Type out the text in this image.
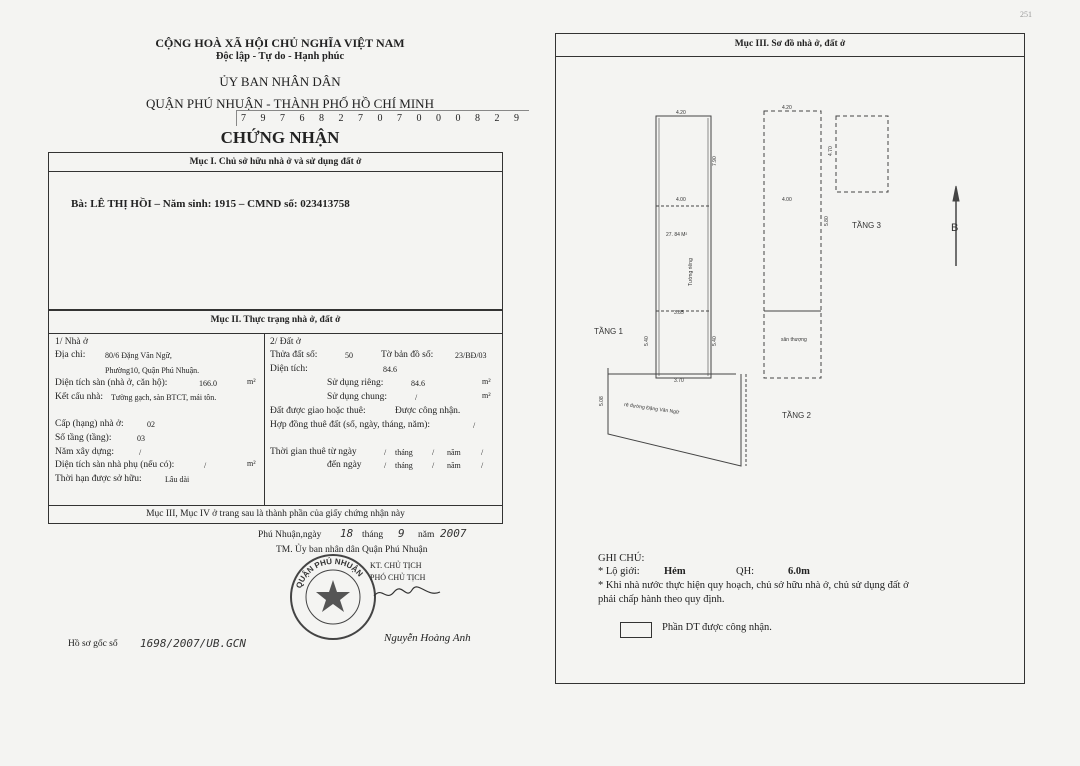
251
CỘNG HOÀ XÃ HỘI CHỦ NGHĨA VIỆT NAM
Độc lập - Tự do - Hạnh phúc
ỦY BAN NHÂN DÂN
QUẬN PHÚ NHUẬN - THÀNH PHỐ HỒ CHÍ MINH
7 9 7 6 8 2 7 0 7 0 0 0 8 2 9
CHỨNG NHẬN
Mục I. Chủ sở hữu nhà ở và sử dụng đất ở
Bà: LÊ THỊ HỒI – Năm sinh: 1915 – CMND số: 023413758
Mục II. Thực trạng nhà ở, đất ở
Mục III, Mục IV ở trang sau là thành phần của giấy chứng nhận này
1/ Nhà ở
Địa chỉ: 80/6 Đặng Văn Ngữ,
Phường10, Quận Phú Nhuận.
Diện tích sàn (nhà ở, căn hộ):	166.0	m²
Kết cấu nhà: Tường gạch, sàn BTCT, mái tôn.
Cấp (hạng) nhà ở:	02
Số tầng (tầng):	03
Năm xây dựng:	/
Diện tích sàn nhà phụ (nếu có):	/	m²
Thời hạn được sở hữu:	Lâu dài
2/ Đất ở
Thửa đất số:	50	Tờ bản đồ số:	23/BĐ/03
Diện tích:	84.6
Sử dụng riêng:	84.6	m²
Sử dụng chung:	/	m²
Đất được giao hoặc thuê:	Được công nhận.
Hợp đồng thuê đất (số, ngày, tháng, năm):	/
Thời gian thuê từ ngày	/ tháng / năm	/
đến ngày	/ tháng / năm	/
Phú Nhuận,ngày 18 tháng 9 năm 2007
TM. Ủy ban nhân dân Quận Phú Nhuận
QUẬN PHÚ NHUẬN
KT. CHỦ TỊCH
PHÓ CHỦ TỊCH
Nguyễn Hoàng Anh
Hồ sơ gốc số 1698/2007/UB.GCN
Mục III. Sơ đồ nhà ở, đất ở
4.20
4.00
3.85
3.70
4.20
4.00
5.40	5.40
5.08
7.90
5.80
4.70
27. 84 M²
Tường riêng
sân thượng
rẽ đường Đặng Văn Ngữ
TẦNG 1
TẦNG 2
TẦNG 3	B
GHI CHÚ:
* Lộ giới: Hẻm	QH:	6.0m
* Khi nhà nước thực hiện quy hoạch, chủ sở hữu nhà ở, chủ sử dụng đất ở
phải chấp hành theo quy định.
Phần DT được công nhận.
